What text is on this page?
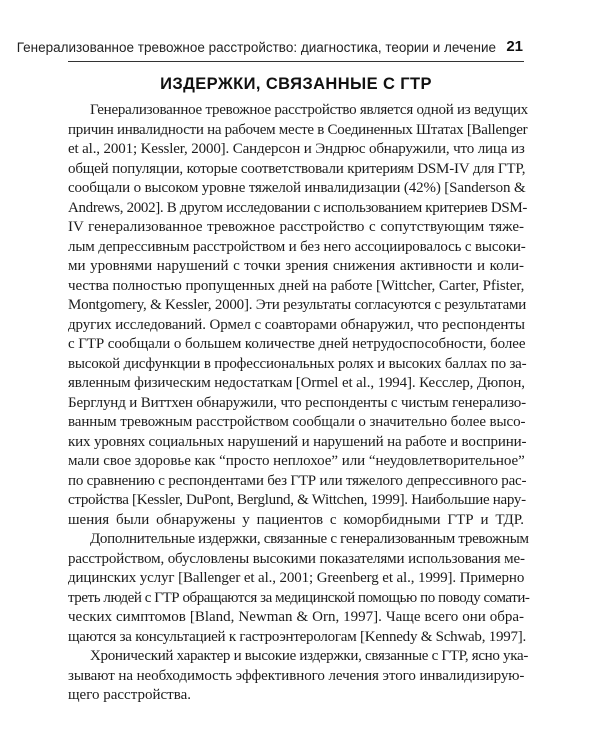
Генерализованное тревожное расстройство: диагностика, теории и лечение 21
ИЗДЕРЖКИ, СВЯЗАННЫЕ С ГТР
Генерализованное тревожное расстройство является одной из ведущих
причин инвалидности на рабочем месте в Соединенных Штатах [Ballenger
et al., 2001; Kessler, 2000]. Сандерсон и Эндрюс обнаружили, что лица из
общей популяции, которые соответствовали критериям DSM-IV для ГТР,
сообщали о высоком уровне тяжелой инвалидизации (42%) [Sanderson &
Andrews, 2002]. В другом исследовании с использованием критериев DSM-
IV генерализованное тревожное расстройство с сопутствующим тяже-
лым депрессивным расстройством и без него ассоциировалось с высоки-
ми уровнями нарушений с точки зрения снижения активности и коли-
чества полностью пропущенных дней на работе [Wittcher, Carter, Pfister,
Montgomery, & Kessler, 2000]. Эти результаты согласуются с результатами
других исследований. Ормел с соавторами обнаружил, что респонденты
с ГТР сообщали о большем количестве дней нетрудоспособности, более
высокой дисфункции в профессиональных ролях и высоких баллах по за-
явленным физическим недостаткам [Ormel et al., 1994]. Кесслер, Дюпон,
Берглунд и Виттхен обнаружили, что респонденты с чистым генерализо-
ванным тревожным расстройством сообщали о значительно более высо-
ких уровнях социальных нарушений и нарушений на работе и восприни-
мали свое здоровье как “просто неплохое” или “неудовлетворительное”
по сравнению с респондентами без ГТР или тяжелого депрессивного рас-
стройства [Kessler, DuPont, Berglund, & Wittchen, 1999]. Наибольшие нару-
шения были обнаружены у пациентов с коморбидными ГТР и ТДР.
Дополнительные издержки, связанные с генерализованным тревожным
расстройством, обусловлены высокими показателями использования ме-
дицинских услуг [Ballenger et al., 2001; Greenberg et al., 1999]. Примерно
треть людей с ГТР обращаются за медицинской помощью по поводу сомати-
ческих симптомов [Bland, Newman & Orn, 1997]. Чаще всего они обра-
щаются за консультацией к гастроэнтерологам [Kennedy & Schwab, 1997].
Хронический характер и высокие издержки, связанные с ГТР, ясно ука-
зывают на необходимость эффективного лечения этого инвалидизирую-
щего расстройства.
